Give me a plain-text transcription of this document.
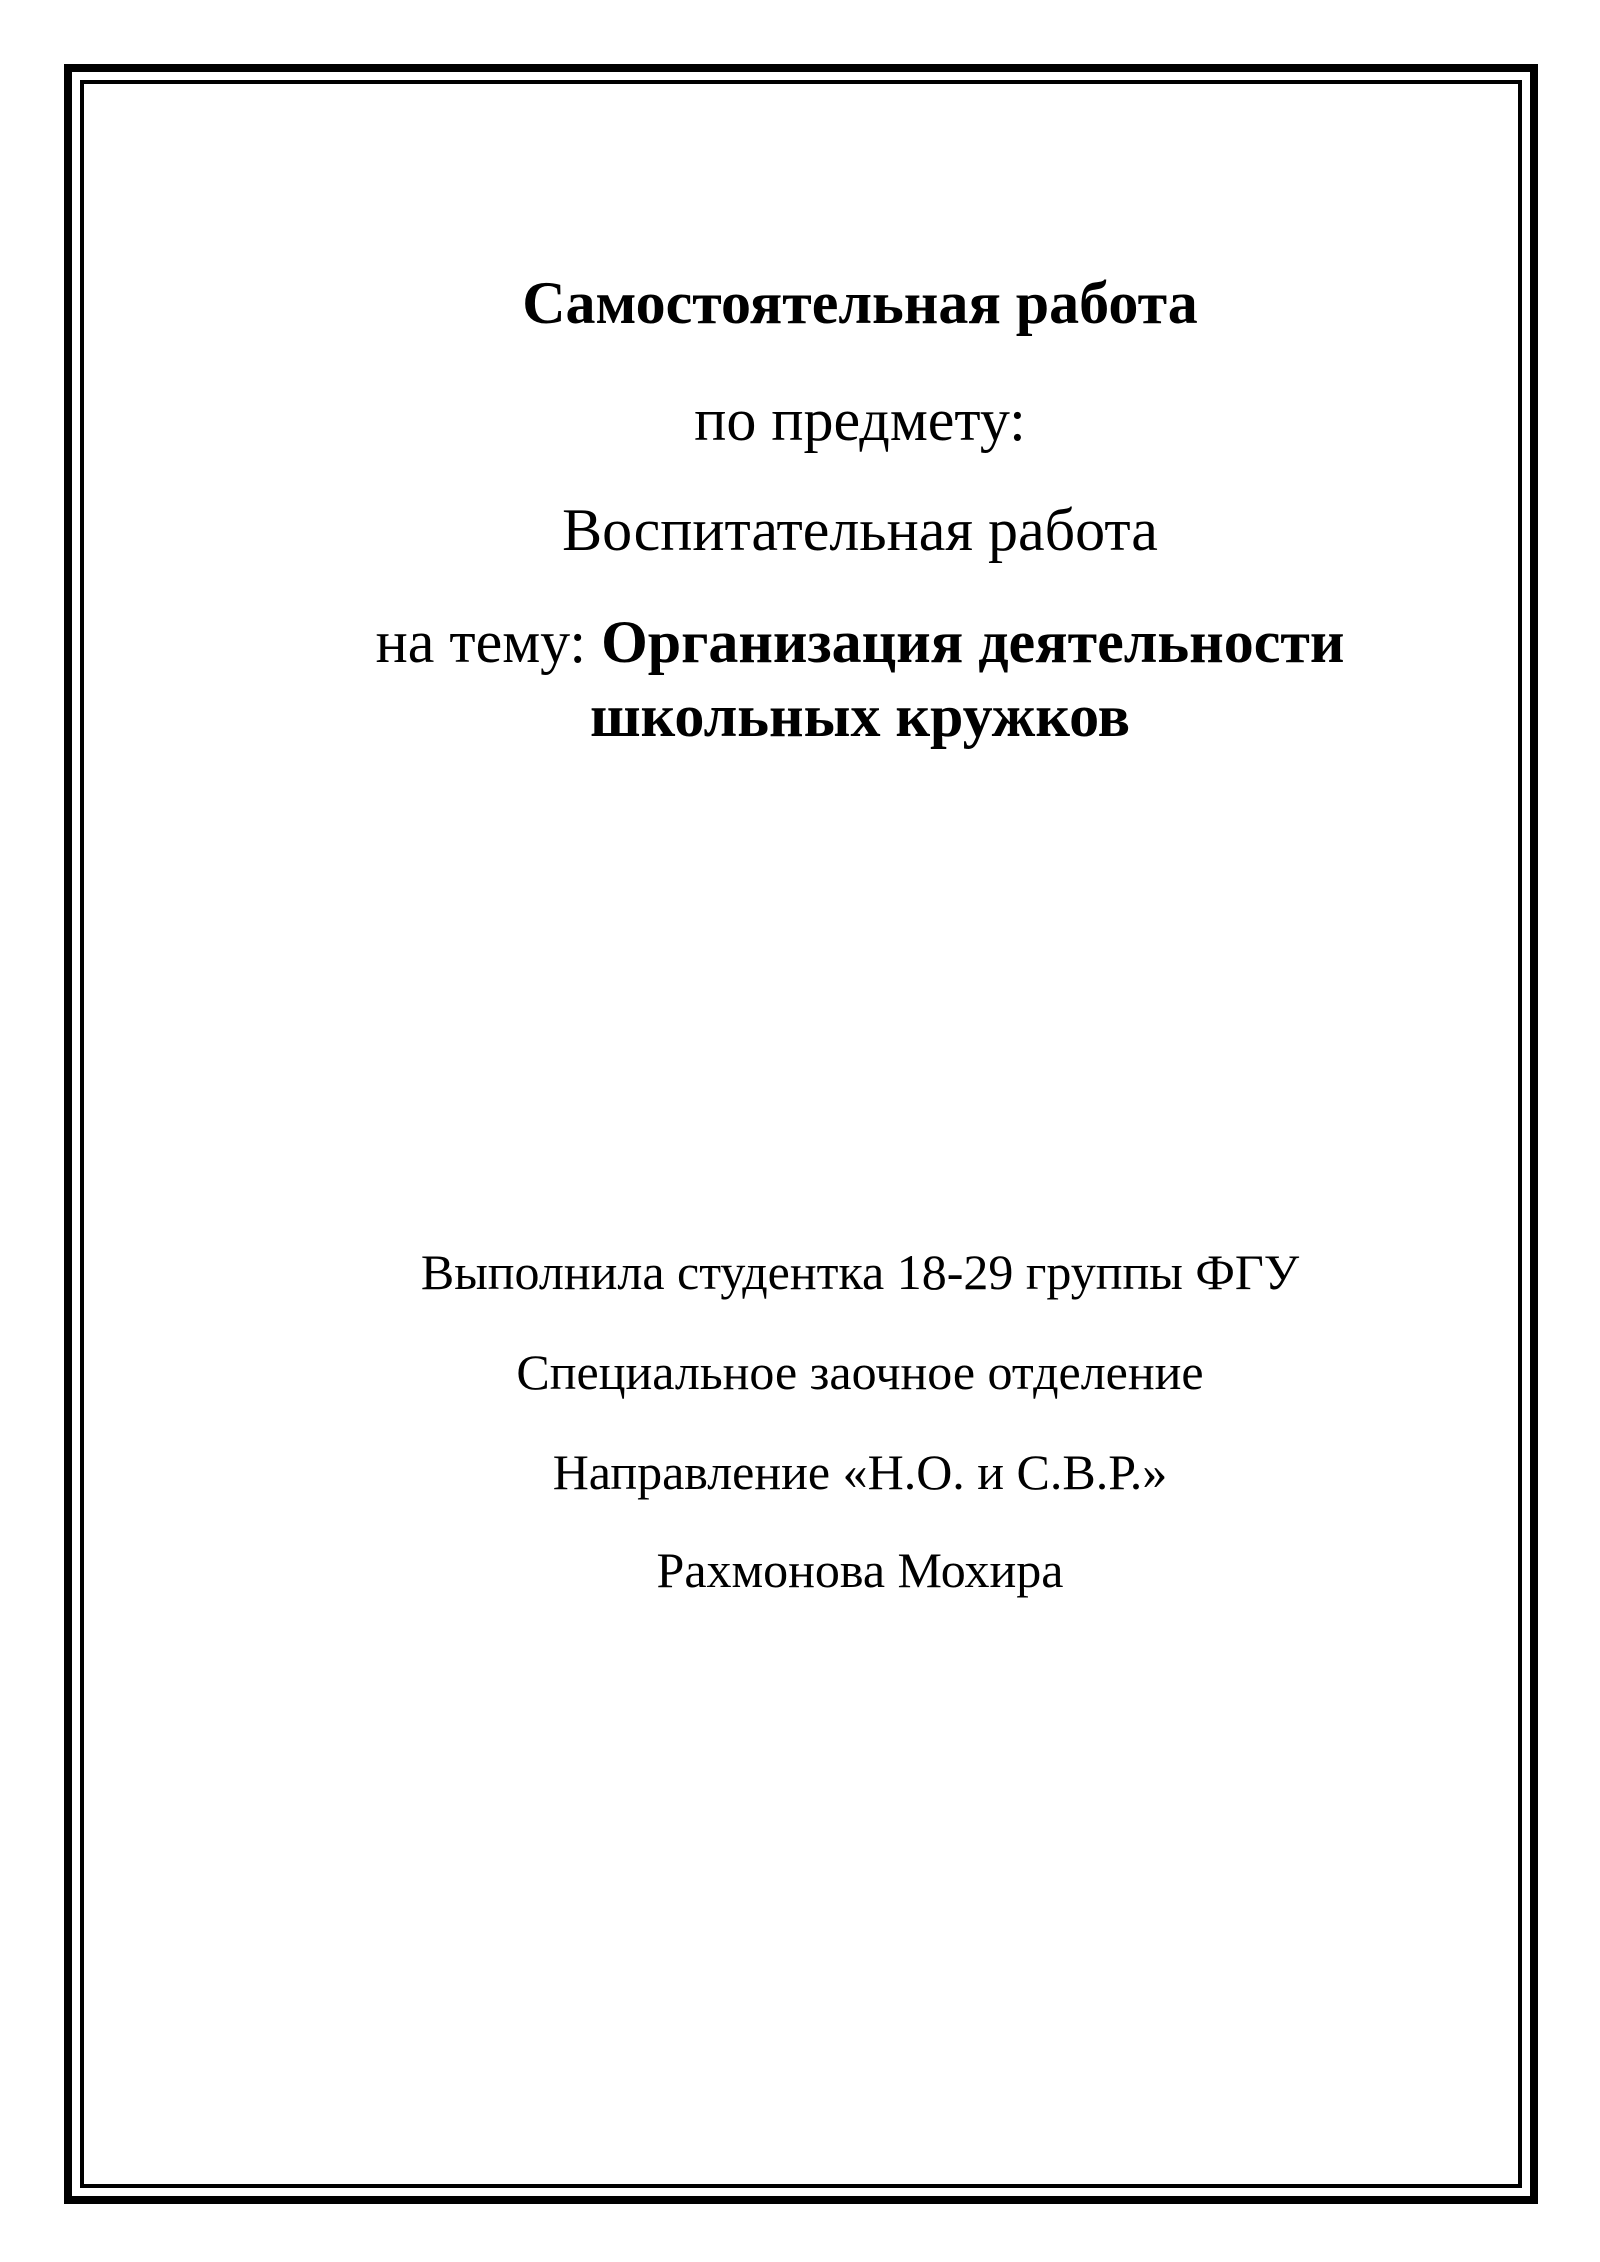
Самостоятельная работа
по предмету:
Воспитательная работа
на тему: Организация деятельности
школьных кружков
Выполнила студентка 18-29 группы ФГУ
Специальное заочное отделение
Направление «Н.О. и С.В.Р.»
Рахмонова Мохира
